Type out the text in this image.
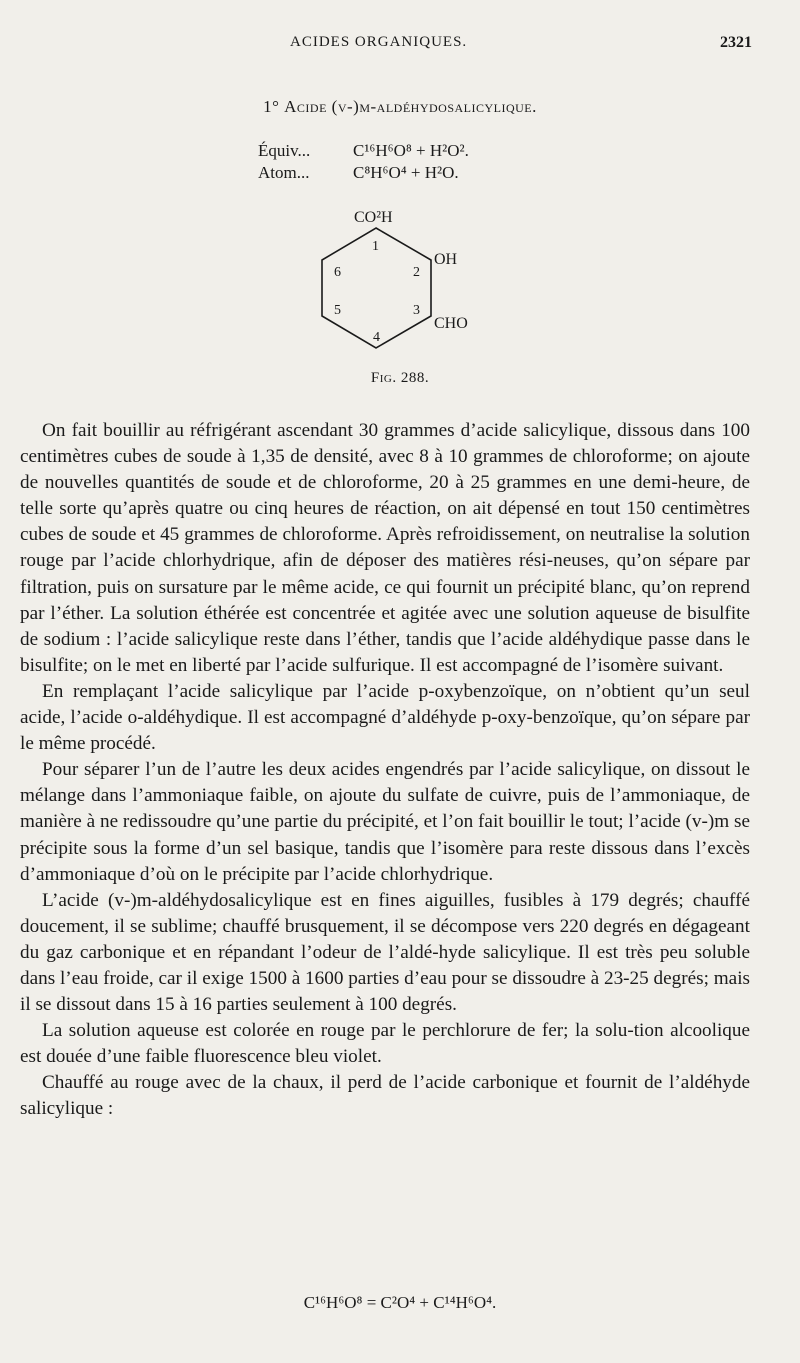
ACIDES ORGANIQUES.	2321
1° Acide (v-)m-aldéhydosalicylique.
Équiv...	C¹⁶H⁶O⁸ + H²O².
Atom...	C⁸H⁶O⁴ + H²O.
CO²H
OH
CHO
1
2
3
4
5
6
Fig. 288.

On fait bouillir au réfrigérant ascendant 30 grammes d’acide salicylique, dissous dans 100 centimètres cubes de soude à 1,35 de densité, avec 8 à 10 grammes de chloroforme; on ajoute de nouvelles quantités de soude et de chloroforme, 20 à 25 grammes en une demi-heure, de telle sorte qu’après quatre ou cinq heures de réaction, on ait dépensé en tout 150 centimètres cubes de soude et 45 grammes de chloroforme. Après refroidissement, on neutralise la solution rouge par l’acide chlorhydrique, afin de déposer des matières rési-neuses, qu’on sépare par filtration, puis on sursature par le même acide, ce qui fournit un précipité blanc, qu’on reprend par l’éther. La solution éthérée est concentrée et agitée avec une solution aqueuse de bisulfite de sodium : l’acide salicylique reste dans l’éther, tandis que l’acide aldéhydique passe dans le bisulfite; on le met en liberté par l’acide sulfurique. Il est accompagné de l’isomère suivant.

En remplaçant l’acide salicylique par l’acide p-oxybenzoïque, on n’obtient qu’un seul acide, l’acide o-aldéhydique. Il est accompagné d’aldéhyde p-oxy-benzoïque, qu’on sépare par le même procédé.

Pour séparer l’un de l’autre les deux acides engendrés par l’acide salicylique, on dissout le mélange dans l’ammoniaque faible, on ajoute du sulfate de cuivre, puis de l’ammoniaque, de manière à ne redissoudre qu’une partie du précipité, et l’on fait bouillir le tout; l’acide (v-)m se précipite sous la forme d’un sel basique, tandis que l’isomère para reste dissous dans l’excès d’ammoniaque d’où on le précipite par l’acide chlorhydrique.

L’acide (v-)m-aldéhydosalicylique est en fines aiguilles, fusibles à 179 degrés; chauffé doucement, il se sublime; chauffé brusquement, il se décompose vers 220 degrés en dégageant du gaz carbonique et en répandant l’odeur de l’aldé-hyde salicylique. Il est très peu soluble dans l’eau froide, car il exige 1500 à 1600 parties d’eau pour se dissoudre à 23-25 degrés; mais il se dissout dans 15 à 16 parties seulement à 100 degrés.

La solution aqueuse est colorée en rouge par le perchlorure de fer; la solu-tion alcoolique est douée d’une faible fluorescence bleu violet.

Chauffé au rouge avec de la chaux, il perd de l’acide carbonique et fournit de l’aldéhyde salicylique :

C¹⁶H⁶O⁸ = C²O⁴ + C¹⁴H⁶O⁴.
